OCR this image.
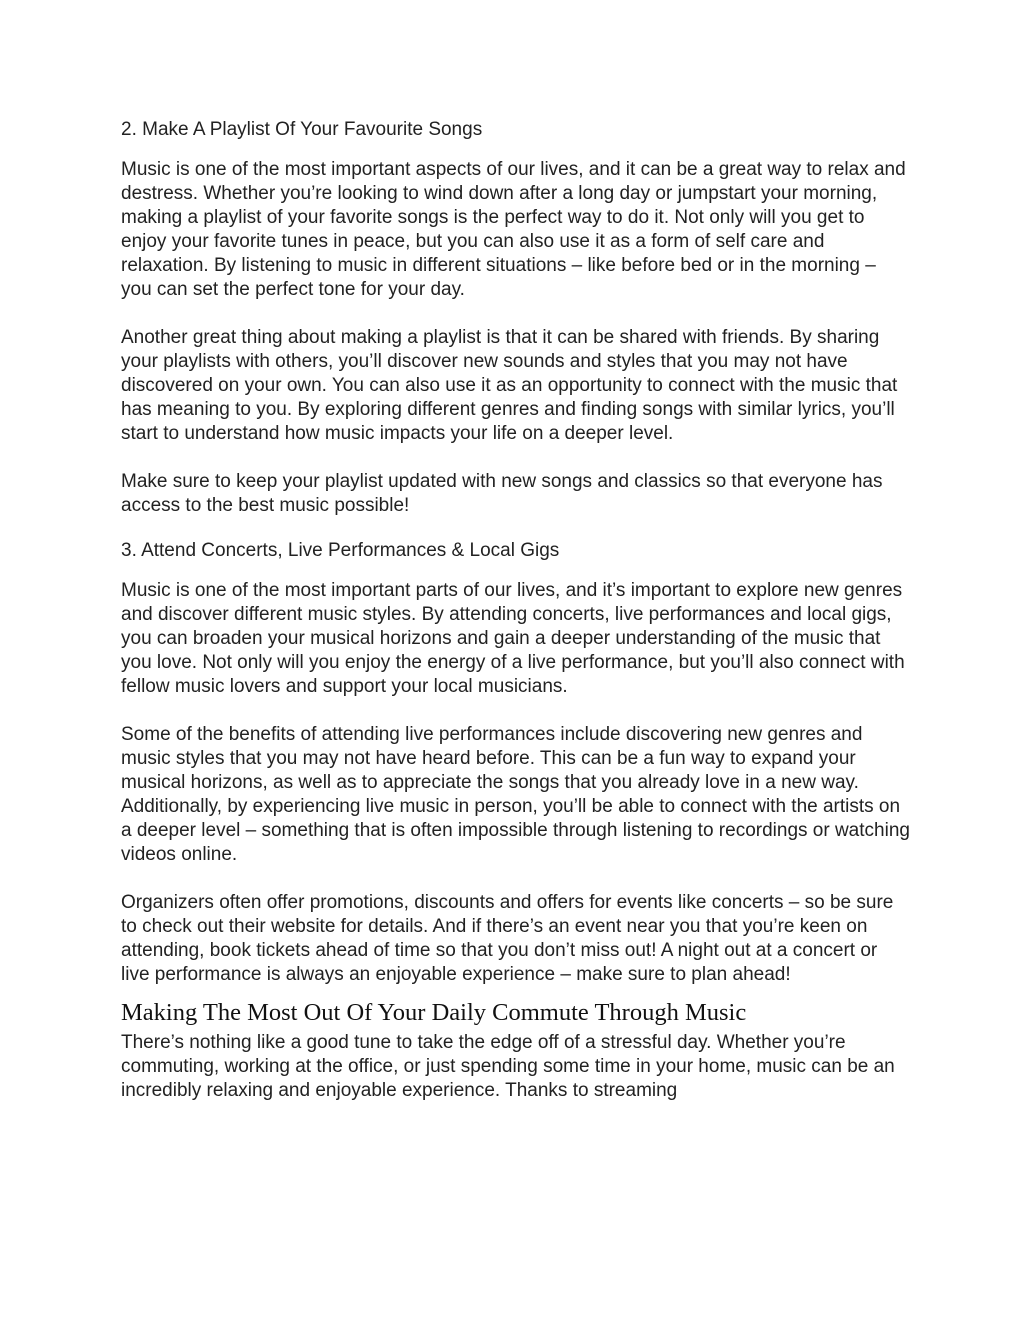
2. Make A Playlist Of Your Favourite Songs

Music is one of the most important aspects of our lives, and it can be a great way to relax and destress. Whether you’re looking to wind down after a long day or jumpstart your morning, making a playlist of your favorite songs is the perfect way to do it. Not only will you get to enjoy your favorite tunes in peace, but you can also use it as a form of self care and relaxation. By listening to music in different situations – like before bed or in the morning – you can set the perfect tone for your day.

Another great thing about making a playlist is that it can be shared with friends. By sharing your playlists with others, you’ll discover new sounds and styles that you may not have discovered on your own. You can also use it as an opportunity to connect with the music that has meaning to you. By exploring different genres and finding songs with similar lyrics, you’ll start to understand how music impacts your life on a deeper level.

Make sure to keep your playlist updated with new songs and classics so that everyone has access to the best music possible!

3. Attend Concerts, Live Performances & Local Gigs

Music is one of the most important parts of our lives, and it’s important to explore new genres and discover different music styles. By attending concerts, live performances and local gigs, you can broaden your musical horizons and gain a deeper understanding of the music that you love. Not only will you enjoy the energy of a live performance, but you’ll also connect with fellow music lovers and support your local musicians.

Some of the benefits of attending live performances include discovering new genres and music styles that you may not have heard before. This can be a fun way to expand your musical horizons, as well as to appreciate the songs that you already love in a new way. Additionally, by experiencing live music in person, you’ll be able to connect with the artists on a deeper level – something that is often impossible through listening to recordings or watching videos online.

Organizers often offer promotions, discounts and offers for events like concerts – so be sure to check out their website for details. And if there’s an event near you that you’re keen on attending, book tickets ahead of time so that you don’t miss out! A night out at a concert or live performance is always an enjoyable experience – make sure to plan ahead!

Making The Most Out Of Your Daily Commute Through Music

There’s nothing like a good tune to take the edge off of a stressful day. Whether you’re commuting, working at the office, or just spending some time in your home, music can be an incredibly relaxing and enjoyable experience. Thanks to streaming
